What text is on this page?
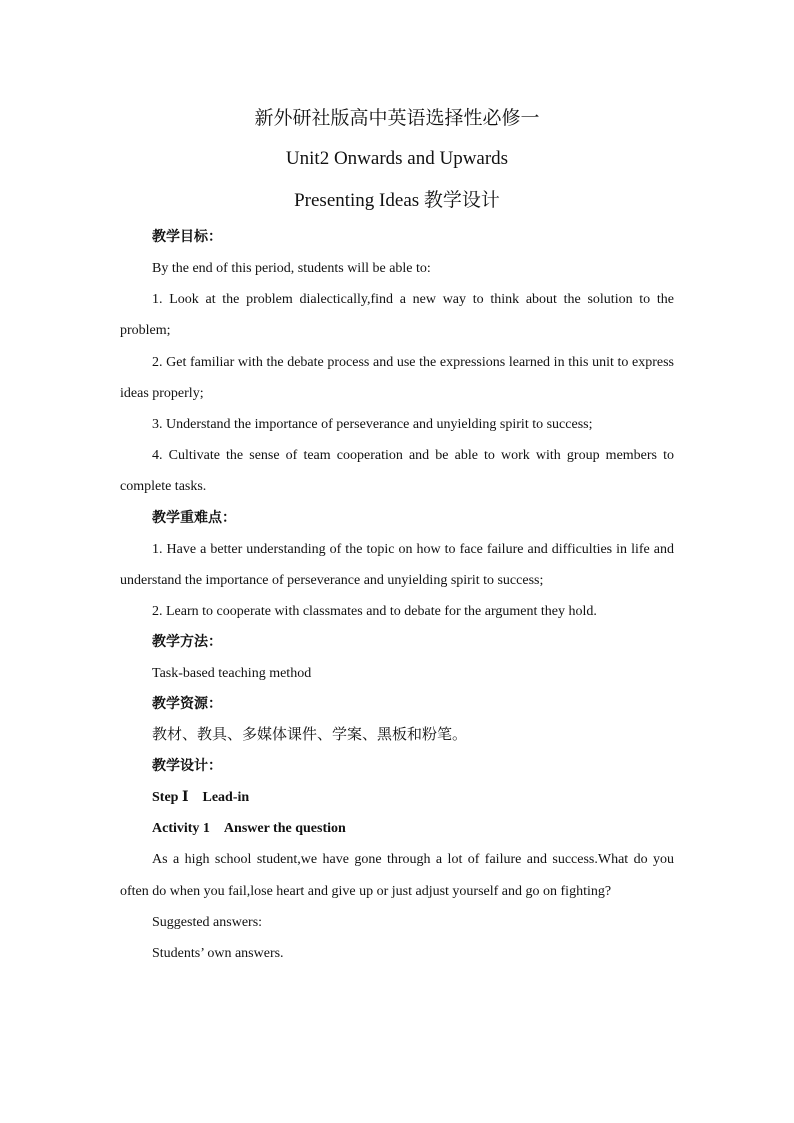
新外研社版高中英语选择性必修一
Unit2 Onwards and Upwards
Presenting Ideas 教学设计

教学目标：

By the end of this period, students will be able to:

1. Look at the problem dialectically,find a new way to think about the solution to the problem;

2. Get familiar with the debate process and use the expressions learned in this unit to express ideas properly;

3. Understand the importance of perseverance and unyielding spirit to success;

4. Cultivate the sense of team cooperation and be able to work with group members to complete tasks.

教学重难点：

1. Have a better understanding of the topic on how to face failure and difficulties in life and understand the importance of perseverance and unyielding spirit to success;

2. Learn to cooperate with classmates and to debate for the argument they hold.

教学方法：

Task-based teaching method

教学资源：

教材、教具、多媒体课件、学案、黑板和粉笔。

教学设计：

Step Ⅰ　Lead-in

Activity 1　Answer the question

As a high school student,we have gone through a lot of failure and success.What do you often do when you fail,lose heart and give up or just adjust yourself and go on fighting?

Suggested answers:

Students’ own answers.
